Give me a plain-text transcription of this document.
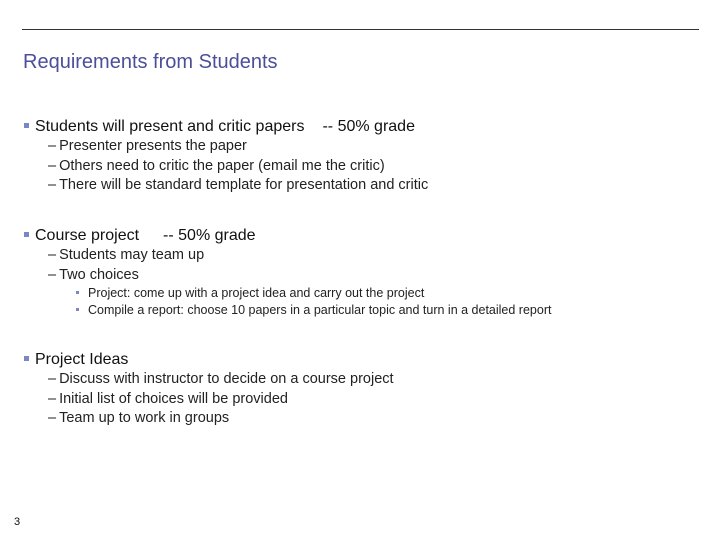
Requirements from Students
Students will present and critic papers -- 50% grade
– Presenter presents the paper
– Others need to critic the paper (email me the critic)
– There will be standard template for presentation and critic
Course project -- 50% grade
– Students may team up
– Two choices
Project: come up with a project idea and carry out the project
Compile a report: choose 10 papers in a particular topic and turn in a detailed report
Project Ideas
– Discuss with instructor to decide on a course project
– Initial list of choices will be provided
– Team up to work in groups
3
